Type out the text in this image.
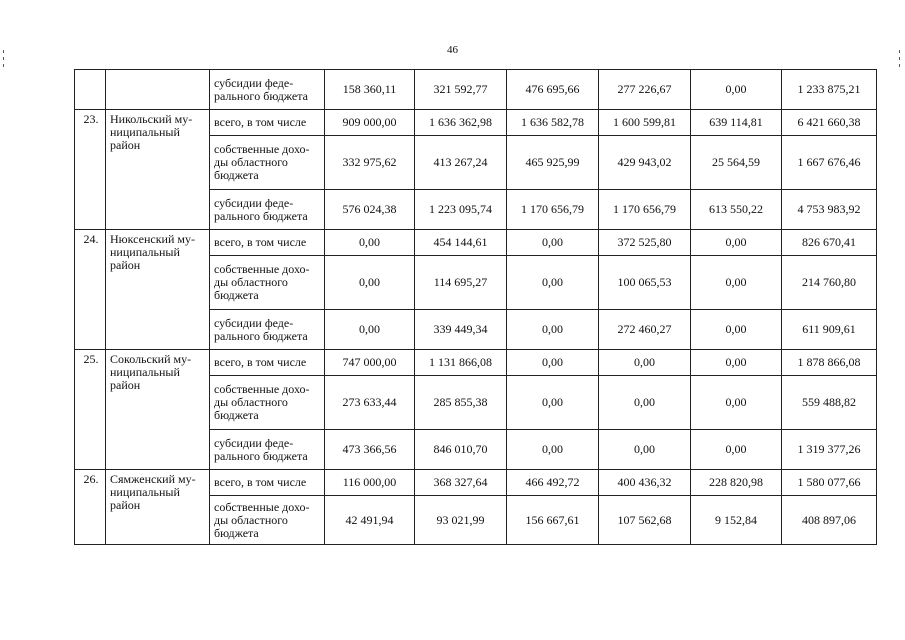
46
		субсидии феде-ральногo бюджета	158 360,11	321 592,77	476 695,66	277 226,67	0,00	1 233 875,21
23.	Никольский му-ниципальный район	всего, в том числе	909 000,00	1 636 362,98	1 636 582,78	1 600 599,81	639 114,81	6 421 660,38
		собственные дохо-ды областного бюджета	332 975,62	413 267,24	465 925,99	429 943,02	25 564,59	1 667 676,46
		субсидии феде-рального бюджета	576 024,38	1 223 095,74	1 170 656,79	1 170 656,79	613 550,22	4 753 983,92
24.	Нюксенский му-ниципальный район	всего, в том числе	0,00	454 144,61	0,00	372 525,80	0,00	826 670,41
		собственные дохо-ды областного бюджета	0,00	114 695,27	0,00	100 065,53	0,00	214 760,80
		субсидии феде-рального бюджета	0,00	339 449,34	0,00	272 460,27	0,00	611 909,61
25.	Сокольский му-ниципальный район	всего, в том числе	747 000,00	1 131 866,08	0,00	0,00	0,00	1 878 866,08
		собственные дохо-ды областного бюджета	273 633,44	285 855,38	0,00	0,00	0,00	559 488,82
		субсидии феде-рального бюджета	473 366,56	846 010,70	0,00	0,00	0,00	1 319 377,26
26.	Сямженский му-ниципальный район	всего, в том числе	116 000,00	368 327,64	466 492,72	400 436,32	228 820,98	1 580 077,66
		собственные дохо-ды областного бюджета	42 491,94	93 021,99	156 667,61	107 562,68	9 152,84	408 897,06
